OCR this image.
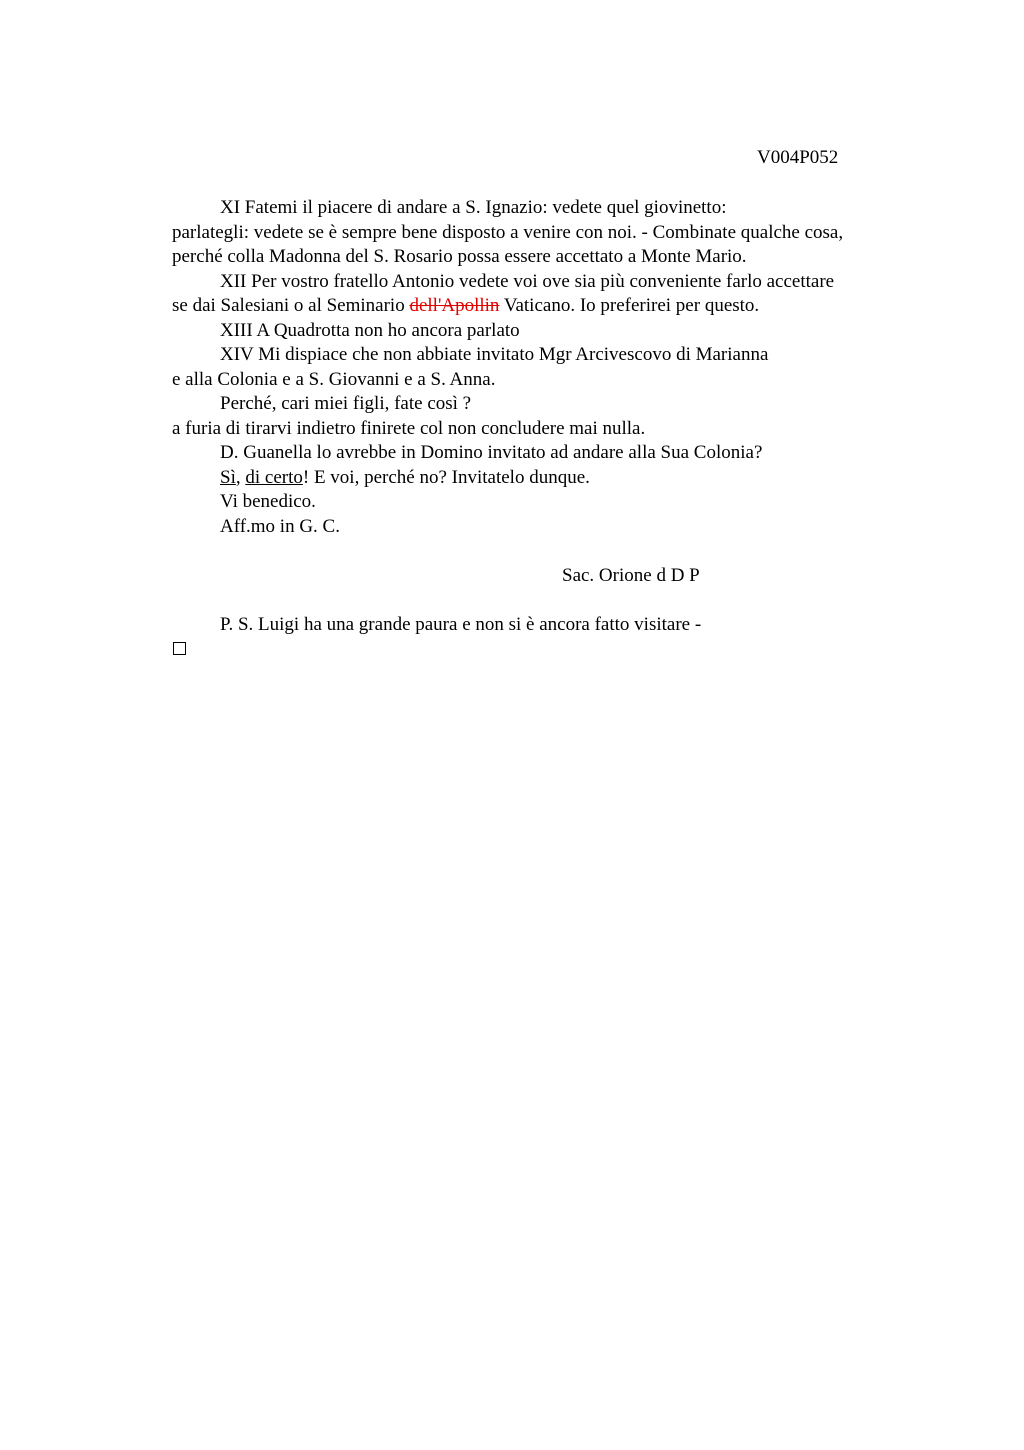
V004P052
XI Fatemi il piacere di andare a S. Ignazio: vedete quel giovinetto:
parlategli: vedete se è sempre bene disposto a venire con noi. - Combinate qualche cosa,
perché colla Madonna del S. Rosario possa essere accettato a Monte Mario.
XII Per vostro fratello Antonio vedete voi ove sia più conveniente farlo accettare
se dai Salesiani o al Seminario dell'Apollin Vaticano. Io preferirei per questo.
XIII A Quadrotta non ho ancora parlato
XIV Mi dispiace che non abbiate invitato Mgr Arcivescovo di Marianna
e alla Colonia e a S. Giovanni e a S. Anna.
Perché, cari miei figli, fate così ?
a furia di tirarvi indietro finirete col non concludere mai nulla.
D. Guanella lo avrebbe in Domino invitato ad andare alla Sua Colonia?
Sì, di certo! E voi, perché no? Invitatelo dunque.
Vi benedico.
Aff.mo in G. C.
Sac. Orione d D P
P. S. Luigi ha una grande paura e non si è ancora fatto visitare -
